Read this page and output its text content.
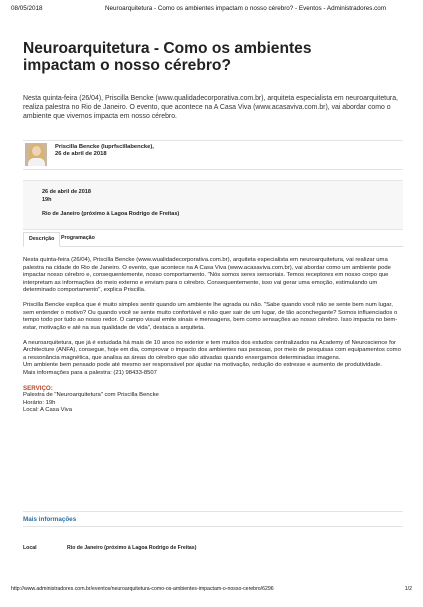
08/05/2018	Neuroarquitetura - Como os ambientes impactam o nosso cérebro? - Eventos - Administradores.com
Neuroarquitetura - Como os ambientes impactam o nosso cérebro?

Nesta quinta-feira (26/04), Priscilla Bencke (www.qualidadecorporativa.com.br), arquiteta especialista em neuroarquitetura, realiza palestra no Rio de Janeiro. O evento, que acontece na A Casa Viva (www.acasaviva.com.br), vai abordar como o ambiente que vivemos impacta em nosso cérebro.

Priscilla Bencke (luprfscillabencke),
26 de abril de 2018
26 de abril de 2018
19h
Rio de Janeiro (próximo à Lagoa Rodrigo de Freitas)
Descrição	Programação

Nesta quinta-feira (26/04), Priscilla Bencke (www.wualidadecorporativa.com.br), arquiteta especialista em neuroarquitetura, vai realizar uma palestra na cidade do Rio de Janeiro. O evento, que acontece na A Casa Viva (www.acasaviva.com.br), vai abordar como um ambiente pode impactar nosso cérebro e, consequentemente, nosso comportamento. "Nós somos seres sensoriais. Temos receptores em nosso corpo que interpretam as informações do meio externo e enviam para o cérebro. Consequentemente, isso vai gerar uma emoção, estimulando um determinado comportamento", explica Priscilla.

Priscilla Bencke explica que é muito simples sentir quando um ambiente lhe agrada ou não. "Sabe quando você não se sente bem num lugar, sem entender o motivo? Ou quando você se sente muito confortável e não quer sair de um lugar, de tão aconchegante? Somos influenciados o tempo todo por tudo ao nosso redor. O campo visual emite sinais e mensagens, bem como sensações ao nosso cérebro. Isso impacta no bem-estar, motivação e até na sua qualidade de vida", destaca a arquiteta.

A neuroarquitetura, que já é estudada há mais de 10 anos no exterior e tem muitos dos estudos centralizados na Academy of Neuroscience for Architecture (ANFA), consegue, hoje em dia, comprovar o impacto dos ambientes nas pessoas, por meio de pesquisas com equipamentos como a ressonância magnética, que analisa as áreas do cérebro que são ativadas quando enxergamos determinadas imagens.

Um ambiente bem pensado pode até mesmo ser responsável por ajudar na motivação, redução do estresse e aumento de produtividade.

Mais informações para a palestra: (21) 98433-8507

SERVIÇO:
Palestra de "Neuroarquitetura" com Priscilla Bencke
Horário: 19h
Local: A Casa Viva
Mais informações
Local	Rio de Janeiro (próximo à Lagoa Rodrigo de Freitas)
http://www.administradores.com.br/eventos/neuroarquitetura-como-os-ambientes-impactam-o-nosso-cerebro/6296	1/2
